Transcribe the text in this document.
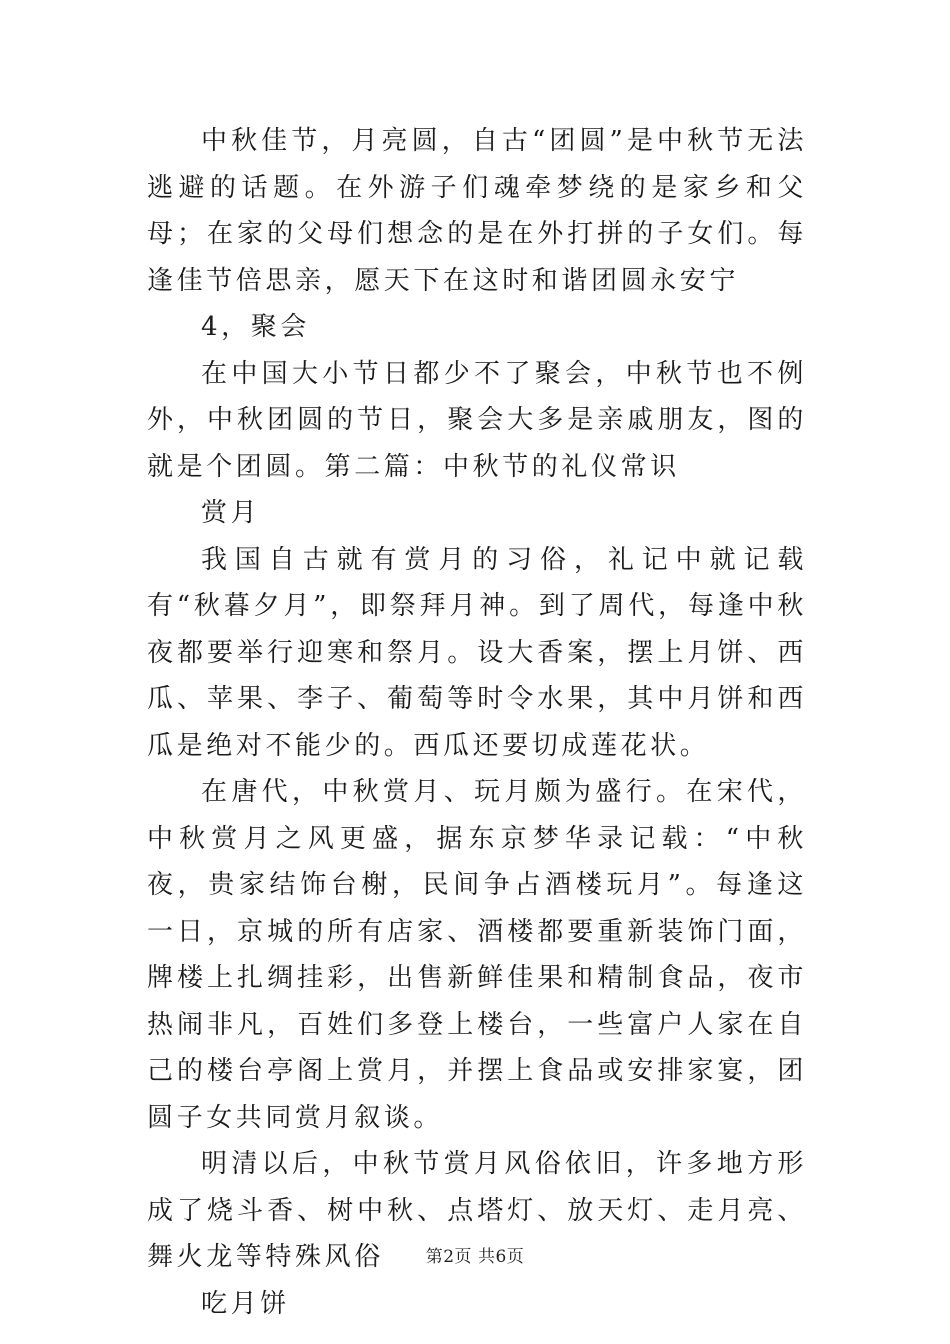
中秋佳节，月亮圆，自古“团圆”是中秋节无法逃避的话题。在外游子们魂牵梦绕的是家乡和父母；在家的父母们想念的是在外打拼的子女们。每逢佳节倍思亲，愿天下在这时和谐团圆永安宁

4，聚会

在中国大小节日都少不了聚会，中秋节也不例外，中秋团圆的节日，聚会大多是亲戚朋友，图的就是个团圆。第二篇：中秋节的礼仪常识

赏月

我国自古就有赏月的习俗，礼记中就记载有“秋暮夕月”，即祭拜月神。到了周代，每逢中秋夜都要举行迎寒和祭月。设大香案，摆上月饼、西瓜、苹果、李子、葡萄等时令水果，其中月饼和西瓜是绝对不能少的。西瓜还要切成莲花状。

在唐代，中秋赏月、玩月颇为盛行。在宋代，中秋赏月之风更盛，据东京梦华录记载：“中秋夜，贵家结饰台榭，民间争占酒楼玩月”。每逢这一日，京城的所有店家、酒楼都要重新装饰门面，牌楼上扎绸挂彩，出售新鲜佳果和精制食品，夜市热闹非凡，百姓们多登上楼台，一些富户人家在自己的楼台亭阁上赏月，并摆上食品或安排家宴，团圆子女共同赏月叙谈。

明清以后，中秋节赏月风俗依旧，许多地方形成了烧斗香、树中秋、点塔灯、放天灯、走月亮、舞火龙等特殊风俗

吃月饼

第2页 共6页
